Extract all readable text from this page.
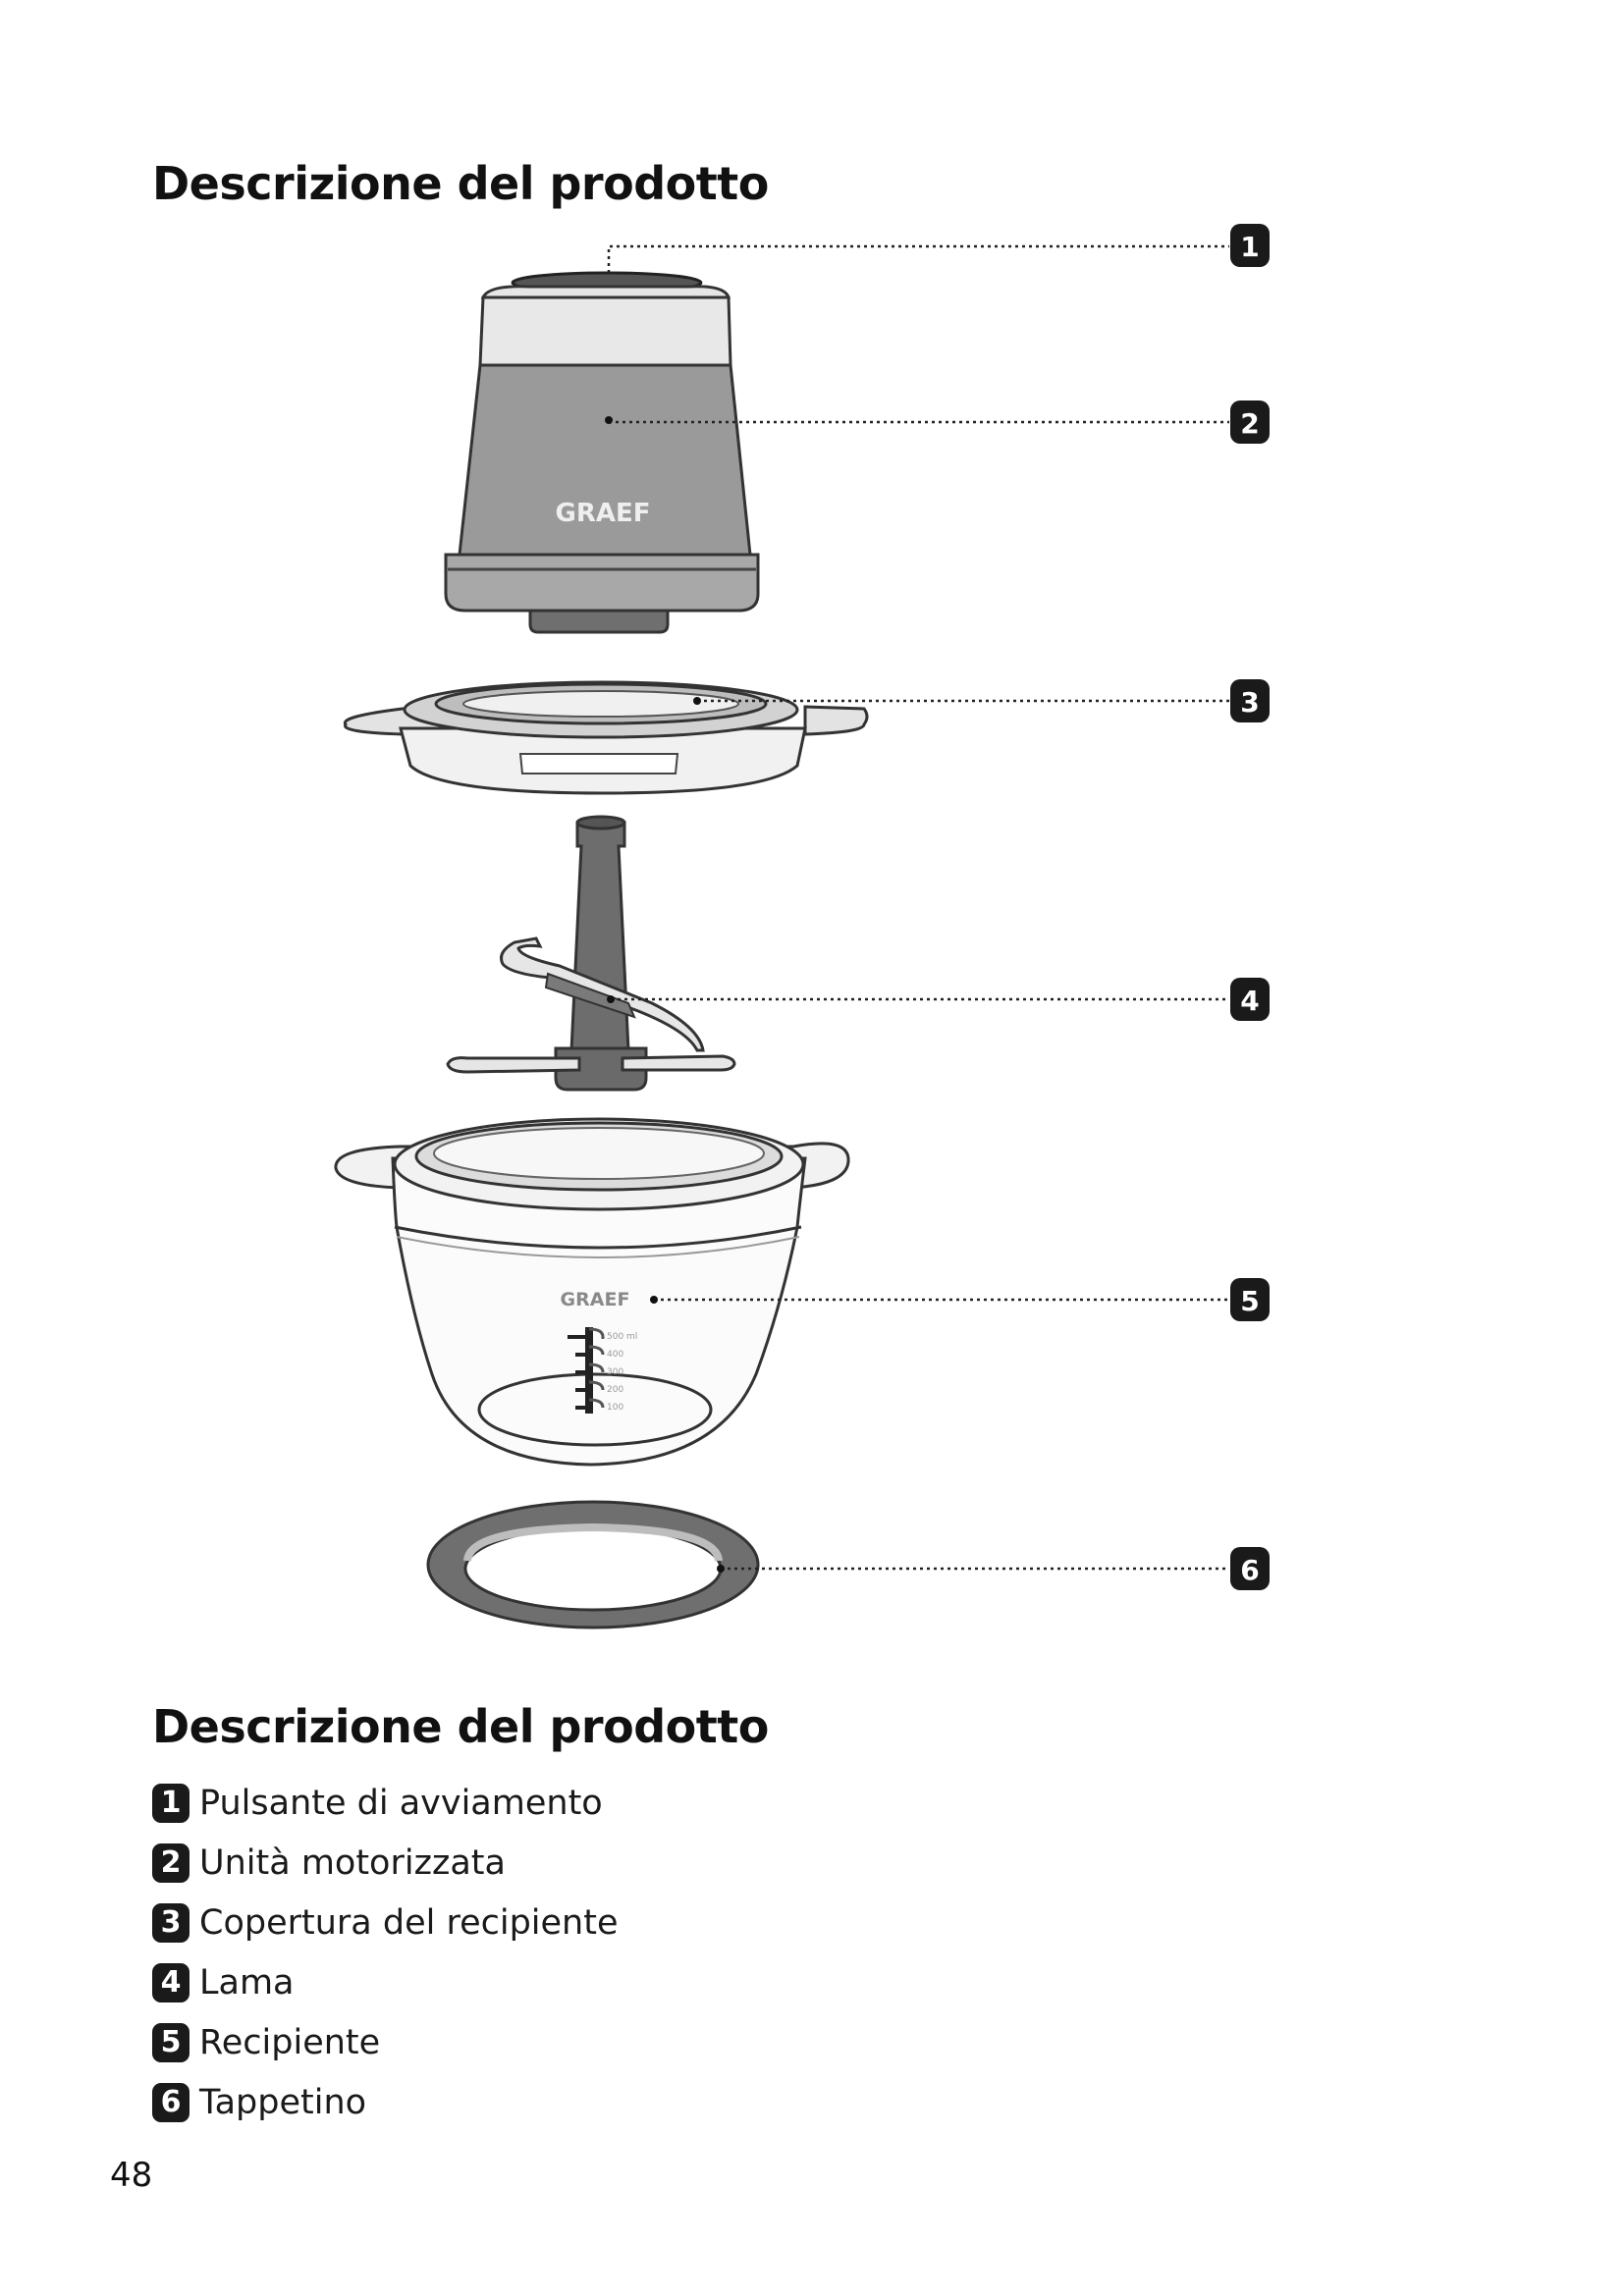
Descrizione del prodotto
GRAEF
GRAEF
500 ml
400
300
200
100
1
2
3
4
5
6
Descrizione del prodotto
1 Pulsante di avviamento
2 Unità motorizzata
3 Copertura del recipiente
4 Lama
5 Recipiente
6 Tappetino
48
